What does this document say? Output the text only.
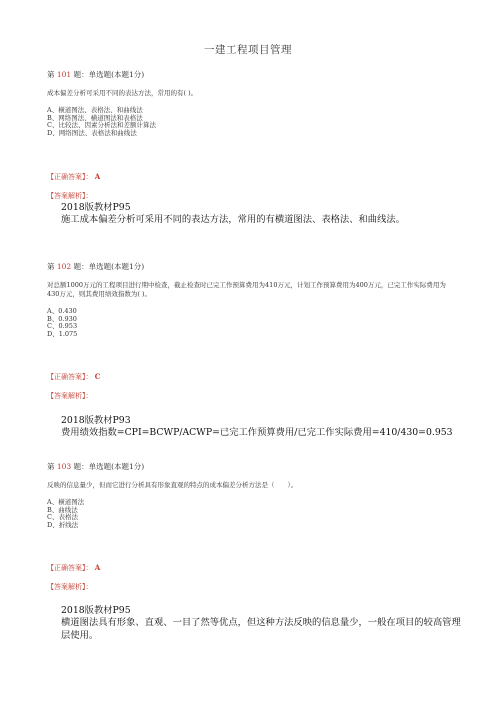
一建工程项目管理
第 101 题：单选题(本题1分)
成本偏差分析可采用不同的表达方法，常用的有( )。
A、横道图法、表格法、和曲线法
B、网络图法、横道图法和表格法
C、比较法、因素分析法和差额计算法
D、网络图法、表格法和曲线法
【正确答案】： A
【答案解析】：
2018版教材P95
施工成本偏差分析可采用不同的表达方法，常用的有横道图法、表格法、和曲线法。
第 102 题：单选题(本题1分)
对总额1000万元的工程项目进行期中检查，截止检查时已完工作预算费用为410万元，计划工作预算费用为400万元，已完工作实际费用为430万元，则其费用绩效指数为( )。
A、0.430
B、0.930
C、0.953
D、1.075
【正确答案】： C
【答案解析】：
2018版教材P93
费用绩效指数=CPI=BCWP/ACWP=已完工作预算费用/已完工作实际费用=410/430=0.953
第 103 题：单选题(本题1分)
反映的信息量少，但而它进行分析具有形象直观的特点的成本偏差分析方法是（　　）。
A、横道图法
B、曲线法
C、表格法
D、折线法
【正确答案】： A
【答案解析】：
2018版教材P95
横道图法具有形象、直观、一目了然等优点，但这种方法反映的信息量少，一般在项目的较高管理层使用。
